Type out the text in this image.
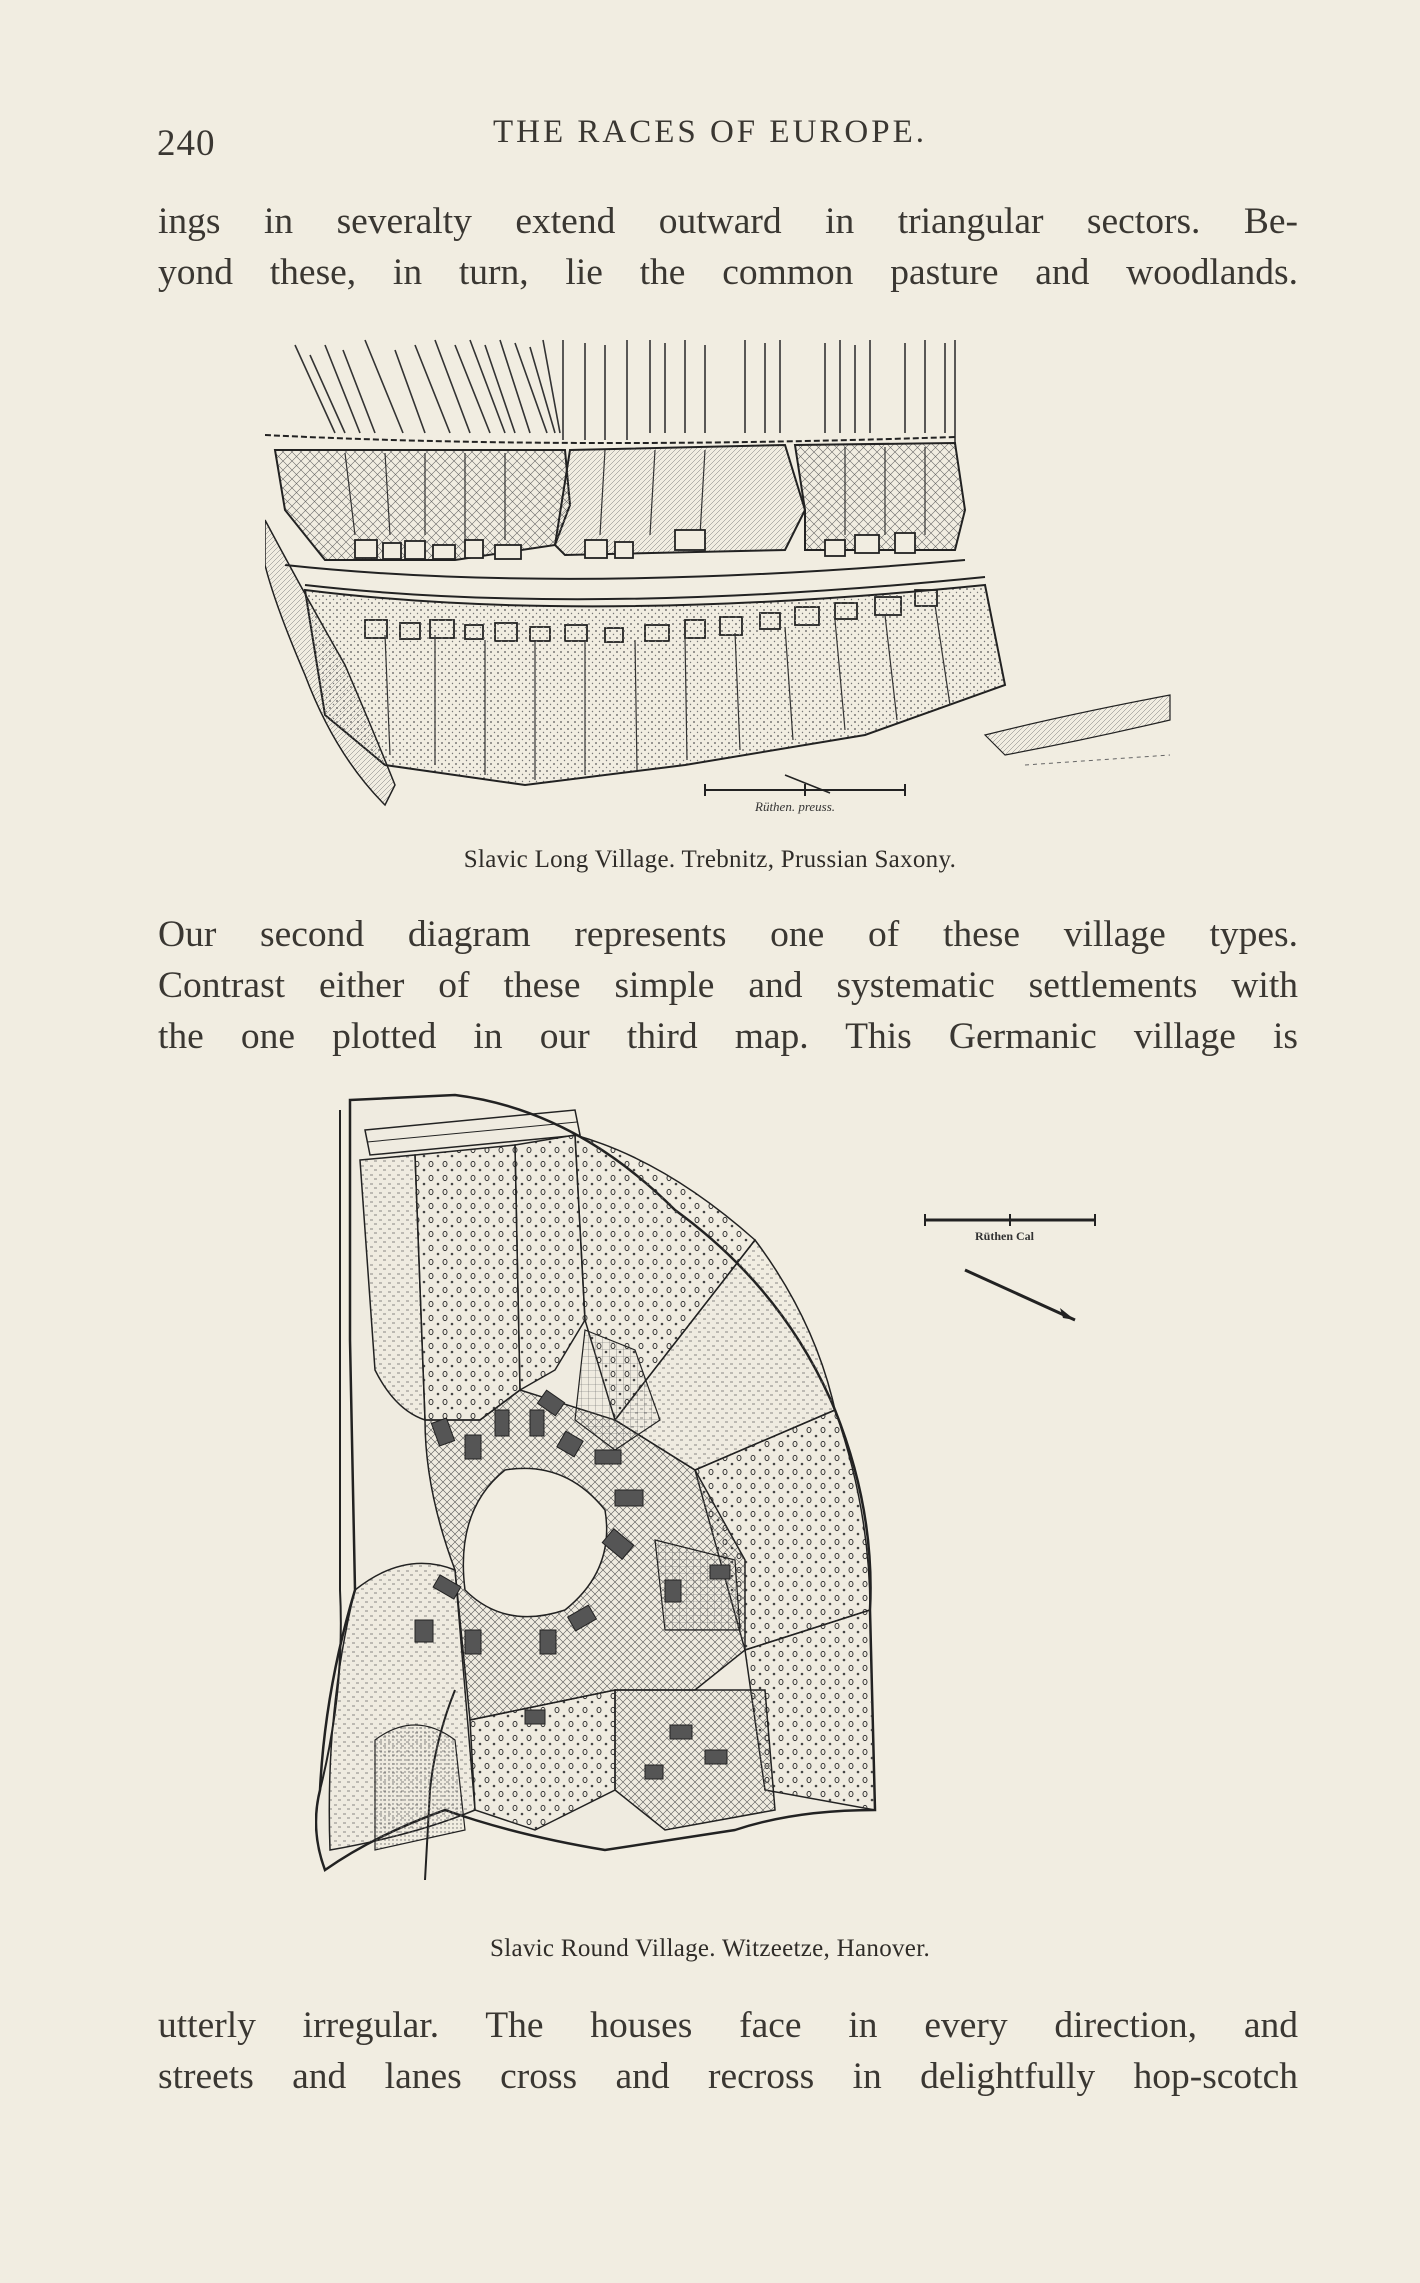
240	THE RACES OF EUROPE.
ings in severalty extend outward in triangular sectors. Be-
yond these, in turn, lie the common pasture and woodlands.
Rüthen. preuss.
Slavic Long Village. Trebnitz, Prussian Saxony.
Our second diagram represents one of these village types.
Contrast either of these simple and systematic settlements with
the one plotted in our third map. This Germanic village is
Rüthen Cal
Slavic Round Village. Witzeetze, Hanover.
utterly irregular. The houses face in every direction, and
streets and lanes cross and recross in delightfully hop-scotch
